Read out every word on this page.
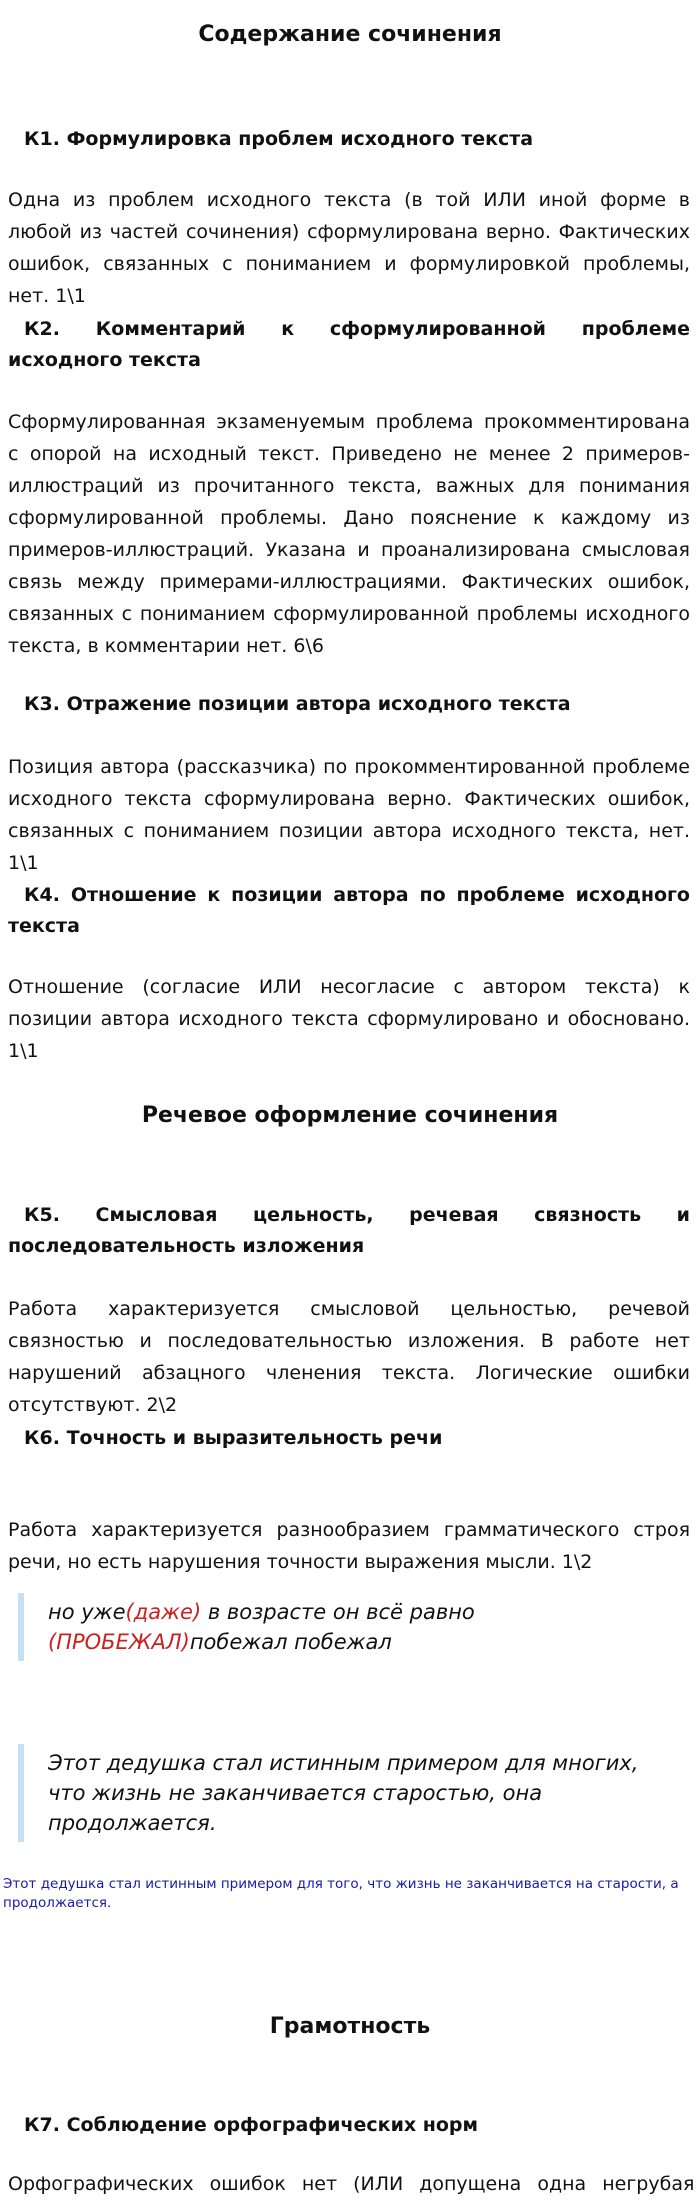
Содержание сочинения
К1. Формулировка проблем исходного текста

Одна из проблем исходного текста (в той ИЛИ иной форме в любой из частей сочинения) сформулирована верно. Фактических ошибок, связанных с пониманием и формулировкой проблемы, нет. 1\1

К2. Комментарий к сформулированной проблеме исходного текста

Сформулированная экзаменуемым проблема прокомментирована с опорой на исходный текст. Приведено не менее 2 примеров-иллюстраций из прочитанного текста, важных для понимания сформулированной проблемы. Дано пояснение к каждому из примеров-иллюстраций. Указана и проанализирована смысловая связь между примерами-иллюстрациями. Фактических ошибок, связанных с пониманием сформулированной проблемы исходного текста, в комментарии нет. 6\6

К3. Отражение позиции автора исходного текста

Позиция автора (рассказчика) по прокомментированной проблеме исходного текста сформулирована верно. Фактических ошибок, связанных с пониманием позиции автора исходного текста, нет. 1\1

К4. Отношение к позиции автора по проблеме исходного текста

Отношение (согласие ИЛИ несогласие с автором текста) к позиции автора исходного текста сформулировано и обосновано. 1\1

Речевое оформление сочинения
К5. Смысловая цельность, речевая связность и последовательность изложения

Работа характеризуется смысловой цельностью, речевой связностью и последовательностью изложения. В работе нет нарушений абзацного членения текста. Логические ошибки отсутствуют. 2\2

К6. Точность и выразительность речи

Работа характеризуется разнообразием грамматического строя речи, но есть нарушения точности выражения мысли. 1\2

но уже(даже) в возрасте он всё равно
(ПРОБЕЖАЛ)побежал побежал
Этот дедушка стал истинным примером для многих, что жизнь не заканчивается старостью, она продолжается.

Этот дедушка стал истинным примером для того, что жизнь не заканчивается на старости, а продолжается.

Грамотность
К7. Соблюдение орфографических норм

Орфографических ошибок нет (ИЛИ допущена одна негрубая
